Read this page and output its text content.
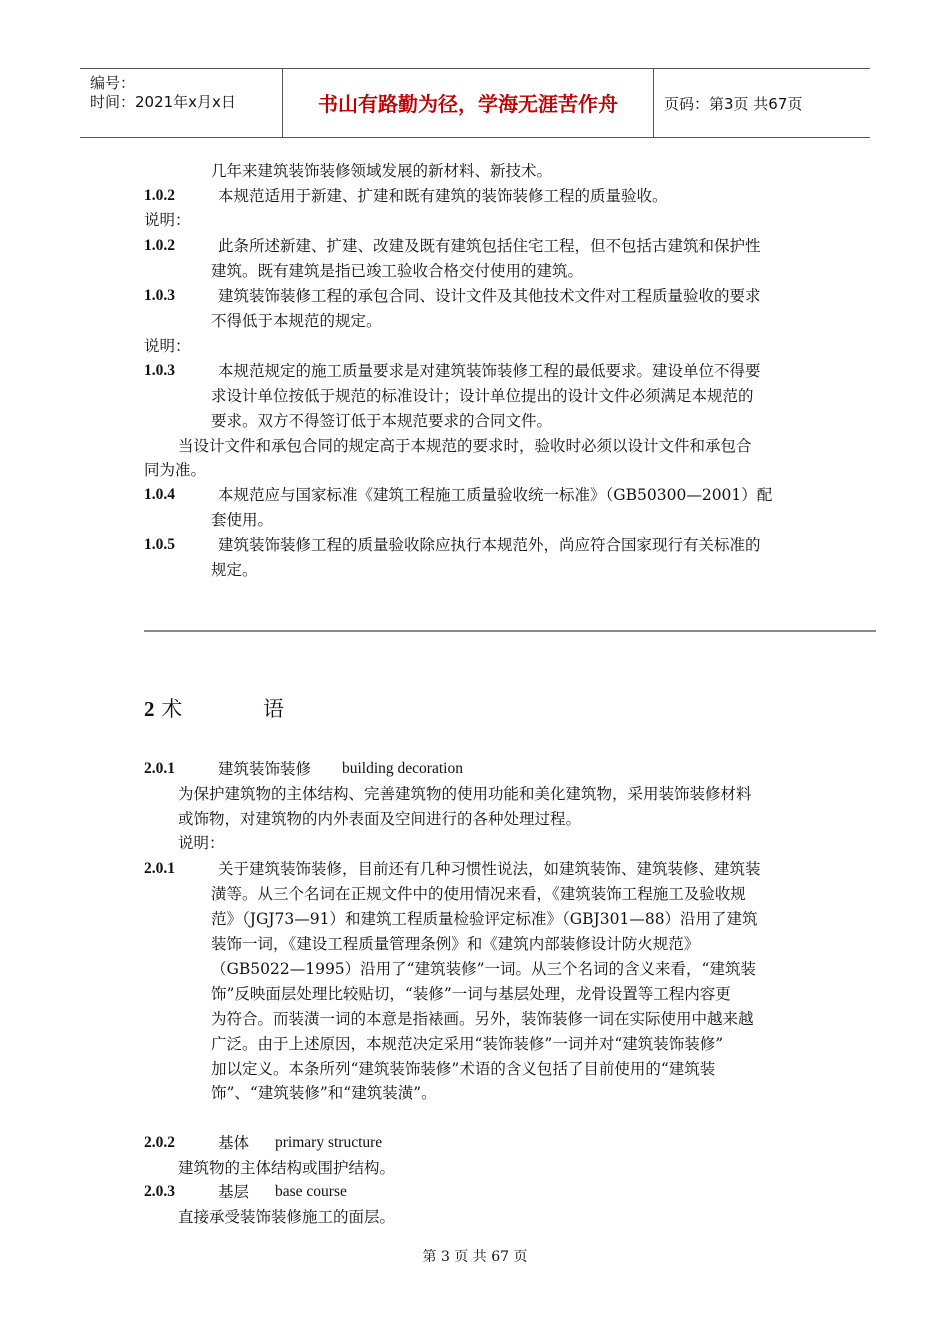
编号：
时间：2021年x月x日	书山有路勤为径，学海无涯苦作舟	页码：第3页 共67页
几年来建筑装饰装修领域发展的新材料、新技术。
1.0.2	本规范适用于新建、扩建和既有建筑的装饰装修工程的质量验收。
说明：
1.0.2	此条所述新建、扩建、改建及既有建筑包括住宅工程，但不包括古建筑和保护性
建筑。既有建筑是指已竣工验收合格交付使用的建筑。
1.0.3	建筑装饰装修工程的承包合同、设计文件及其他技术文件对工程质量验收的要求
不得低于本规范的规定。
说明：
1.0.3	本规范规定的施工质量要求是对建筑装饰装修工程的最低要求。建设单位不得要
求设计单位按低于规范的标准设计；设计单位提出的设计文件必须满足本规范的
要求。双方不得签订低于本规范要求的合同文件。
当设计文件和承包合同的规定高于本规范的要求时，验收时必须以设计文件和承包合
同为准。
1.0.4	本规范应与国家标准《建筑工程施工质量验收统一标准》（GB50300—2001）配
套使用。
1.0.5	建筑装饰装修工程的质量验收除应执行本规范外，尚应符合国家现行有关标准的
规定。
2 术	语
2.0.1	建筑装饰装修 building decoration
为保护建筑物的主体结构、完善建筑物的使用功能和美化建筑物，采用装饰装修材料
或饰物，对建筑物的内外表面及空间进行的各种处理过程。
说明：
2.0.1	关于建筑装饰装修，目前还有几种习惯性说法，如建筑装饰、建筑装修、建筑装
潢等。从三个名词在正规文件中的使用情况来看，《建筑装饰工程施工及验收规
范》（JGJ73—91）和建筑工程质量检验评定标准》（GBJ301—88）沿用了建筑
装饰一词，《建设工程质量管理条例》和《建筑内部装修设计防火规范》
（GB5022—1995）沿用了“建筑装修”一词。从三个名词的含义来看，“建筑装
饰”反映面层处理比较贴切，“装修”一词与基层处理，龙骨设置等工程内容更
为符合。而装潢一词的本意是指裱画。另外，装饰装修一词在实际使用中越来越
广泛。由于上述原因，本规范决定采用“装饰装修”一词并对“建筑装饰装修”
加以定义。本条所列“建筑装饰装修”术语的含义包括了目前使用的“建筑装
饰”、“建筑装修”和“建筑装潢”。
2.0.2	基体 primary structure
建筑物的主体结构或围护结构。
2.0.3	基层 base course
直接承受装饰装修施工的面层。
第 3 页 共 67 页
